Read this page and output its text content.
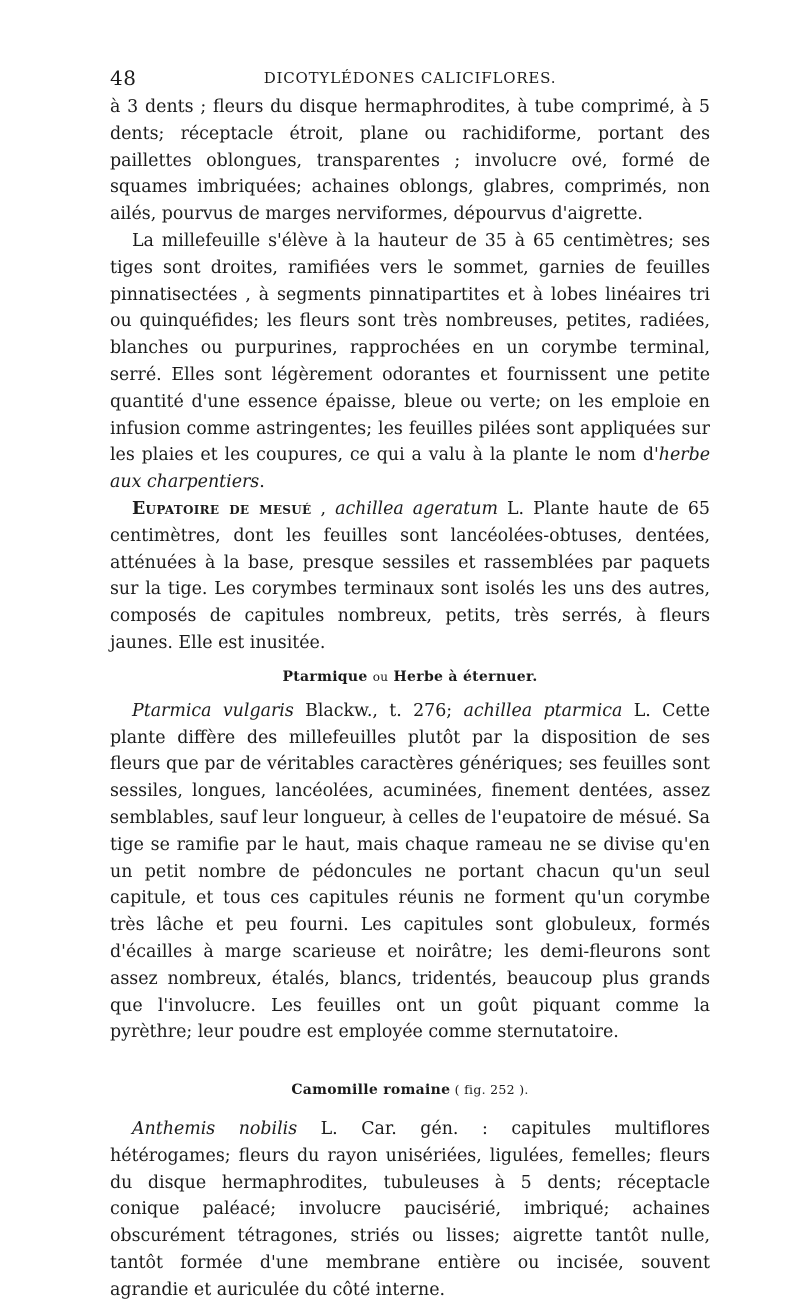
48	DICOTYLÉDONES CALICIFLORES.

à 3 dents ; fleurs du disque hermaphrodites, à tube comprimé, à 5 dents; réceptacle étroit, plane ou rachidiforme, portant des paillettes oblongues, transparentes ; involucre ové, formé de squames imbriquées; achaines oblongs, glabres, comprimés, non ailés, pourvus de marges nerviformes, dépourvus d'aigrette.

La millefeuille s'élève à la hauteur de 35 à 65 centimètres; ses tiges sont droites, ramifiées vers le sommet, garnies de feuilles pinnatisectées , à segments pinnatipartites et à lobes linéaires tri ou quinquéfides; les fleurs sont très nombreuses, petites, radiées, blanches ou purpurines, rapprochées en un corymbe terminal, serré. Elles sont légèrement odorantes et fournissent une petite quantité d'une essence épaisse, bleue ou verte; on les emploie en infusion comme astringentes; les feuilles pilées sont appliquées sur les plaies et les coupures, ce qui a valu à la plante le nom d'herbe aux charpentiers.

Eupatoire de mesué , achillea ageratum L. Plante haute de 65 centimètres, dont les feuilles sont lancéolées-obtuses, dentées, atténuées à la base, presque sessiles et rassemblées par paquets sur la tige. Les corymbes terminaux sont isolés les uns des autres, composés de capitules nombreux, petits, très serrés, à fleurs jaunes. Elle est inusitée.

Ptarmique ou Herbe à éternuer.

Ptarmica vulgaris Blackw., t. 276; achillea ptarmica L. Cette plante diffère des millefeuilles plutôt par la disposition de ses fleurs que par de véritables caractères génériques; ses feuilles sont sessiles, longues, lancéolées, acuminées, finement dentées, assez semblables, sauf leur longueur, à celles de l'eupatoire de mésué. Sa tige se ramifie par le haut, mais chaque rameau ne se divise qu'en un petit nombre de pédoncules ne portant chacun qu'un seul capitule, et tous ces capitules réunis ne forment qu'un corymbe très lâche et peu fourni. Les capitules sont globuleux, formés d'écailles à marge scarieuse et noirâtre; les demi-fleurons sont assez nombreux, étalés, blancs, tridentés, beaucoup plus grands que l'involucre. Les feuilles ont un goût piquant comme la pyrèthre; leur poudre est employée comme sternutatoire.

Camomille romaine ( fig. 252 ).

Anthemis nobilis L. Car. gén. : capitules multiflores hétérogames; fleurs du rayon unisériées, ligulées, femelles; fleurs du disque hermaphrodites, tubuleuses à 5 dents; réceptacle conique paléacé; involucre paucisérié, imbriqué; achaines obscurément tétragones, striés ou lisses; aigrette tantôt nulle, tantôt formée d'une membrane entière ou incisée, souvent agrandie et auriculée du côté interne.
